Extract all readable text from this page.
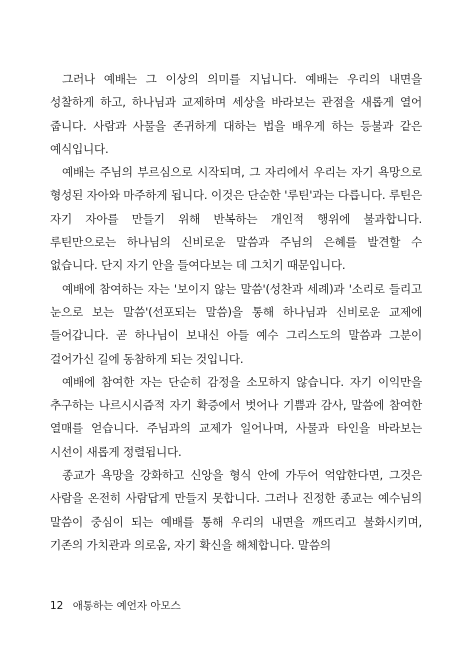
그러나 예배는 그 이상의 의미를 지닙니다. 예배는 우리의 내면을 성찰하게 하고, 하나님과 교제하며 세상을 바라보는 관점을 새롭게 열어 줍니다. 사람과 사물을 존귀하게 대하는 법을 배우게 하는 등불과 같은 예식입니다.

예배는 주님의 부르심으로 시작되며, 그 자리에서 우리는 자기 욕망으로 형성된 자아와 마주하게 됩니다. 이것은 단순한 '루틴'과는 다릅니다. 루틴은 자기 자아를 만들기 위해 반복하는 개인적 행위에 불과합니다. 루틴만으로는 하나님의 신비로운 말씀과 주님의 은혜를 발견할 수 없습니다. 단지 자기 안을 들여다보는 데 그치기 때문입니다.

예배에 참여하는 자는 '보이지 않는 말씀'(성찬과 세례)과 '소리로 들리고 눈으로 보는 말씀'(선포되는 말씀)을 통해 하나님과 신비로운 교제에 들어갑니다. 곧 하나님이 보내신 아들 예수 그리스도의 말씀과 그분이 걸어가신 길에 동참하게 되는 것입니다.

예배에 참여한 자는 단순히 감정을 소모하지 않습니다. 자기 이익만을 추구하는 나르시시즘적 자기 확증에서 벗어나 기쁨과 감사, 말씀에 참여한 열매를 얻습니다. 주님과의 교제가 일어나며, 사물과 타인을 바라보는 시선이 새롭게 정렬됩니다.

종교가 욕망을 강화하고 신앙을 형식 안에 가두어 억압한다면, 그것은 사람을 온전히 사람답게 만들지 못합니다. 그러나 진정한 종교는 예수님의 말씀이 중심이 되는 예배를 통해 우리의 내면을 깨뜨리고 불화시키며, 기존의 가치관과 의로움, 자기 확신을 해체합니다. 말씀의

12 애통하는 예언자 아모스
